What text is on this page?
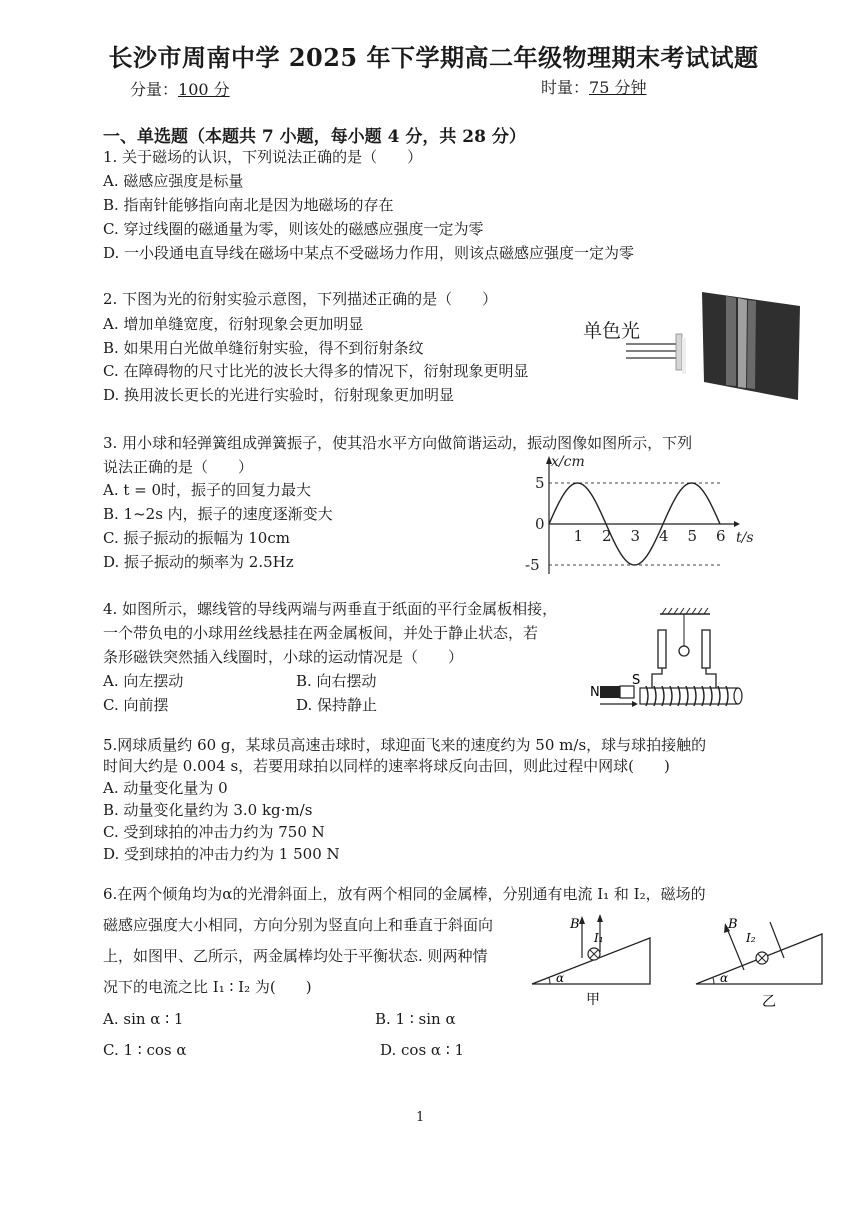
长沙市周南中学 2025 年下学期高二年级物理期末考试试题
分量：100 分	时量：75 分钟
一、单选题（本题共 7 小题，每小题 4 分，共 28 分）
1. 关于磁场的认识，下列说法正确的是（　　）
A. 磁感应强度是标量
B. 指南针能够指向南北是因为地磁场的存在
C. 穿过线圈的磁通量为零，则该处的磁感应强度一定为零
D. 一小段通电直导线在磁场中某点不受磁场力作用，则该点磁感应强度一定为零
2. 下图为光的衍射实验示意图，下列描述正确的是（　　）
A. 增加单缝宽度，衍射现象会更加明显
B. 如果用白光做单缝衍射实验，得不到衍射条纹
C. 在障碍物的尺寸比光的波长大得多的情况下，衍射现象更明显
D. 换用波长更长的光进行实验时，衍射现象更加明显
单色光
3. 用小球和轻弹簧组成弹簧振子，使其沿水平方向做简谐运动，振动图像如图所示，下列
说法正确的是（　　）
A. t = 0时，振子的回复力最大
B. 1~2s 内，振子的速度逐渐变大
C. 振子振动的振幅为 10cm
D. 振子振动的频率为 2.5Hz
1 2 3 4 5 6
5
0
-5
x/cm
t/s
4. 如图所示，螺线管的导线两端与两垂直于纸面的平行金属板相接，
一个带负电的小球用丝线悬挂在两金属板间，并处于静止状态，若
条形磁铁突然插入线圈时，小球的运动情况是（　　）
A. 向左摆动	B. 向右摆动
C. 向前摆	D. 保持静止
N
S
5.网球质量约 60 g，某球员高速击球时，球迎面飞来的速度约为 50 m/s，球与球拍接触的
时间大约是 0.004 s，若要用球拍以同样的速率将球反向击回，则此过程中网球(　　)
A. 动量变化量为 0
B. 动量变化量约为 3.0 kg·m/s
C. 受到球拍的冲击力约为 750 N
D. 受到球拍的冲击力约为 1 500 N
6.在两个倾角均为α的光滑斜面上，放有两个相同的金属棒，分别通有电流 I₁ 和 I₂，磁场的
磁感应强度大小相同，方向分别为竖直向上和垂直于斜面向
上，如图甲、乙所示，两金属棒均处于平衡状态. 则两种情
况下的电流之比 I₁ ∶ I₂ 为(　　)
A. sin α ∶ 1	B. 1 ∶ sin α
C. 1 ∶ cos α	D. cos α ∶ 1
B
I₁
α
甲
B
I₂
α
乙
1
